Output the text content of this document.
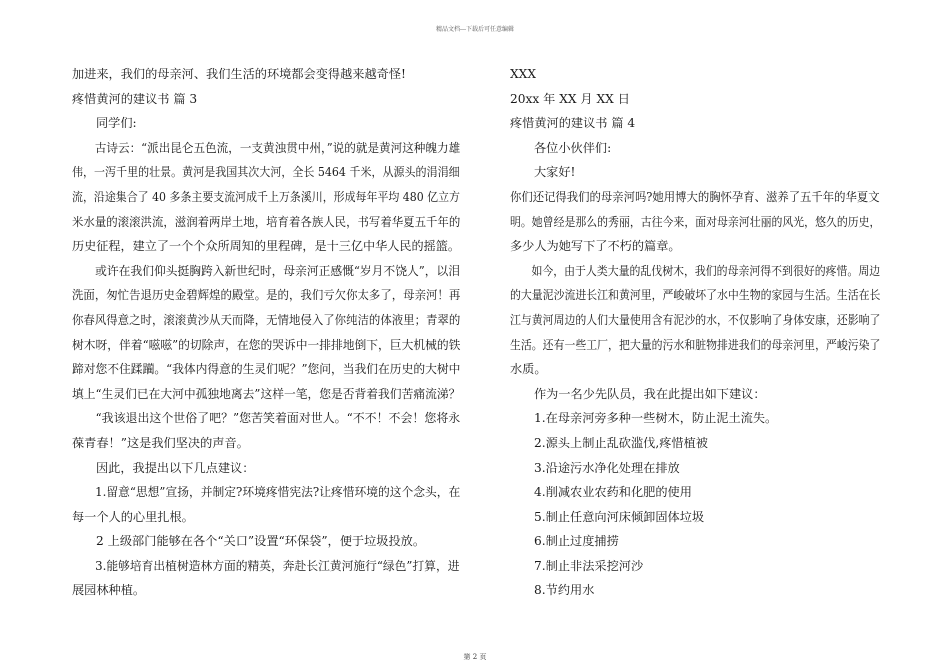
精品文档---下载后可任意编辑

加进来，我们的母亲河、我们生活的环境都会变得越来越奇怪!

疼惜黄河的建议书 篇 3

同学们:

古诗云：“派出昆仑五色流，一支黄浊贯中州，”说的就是黄河这种魄力雄

伟，一泻千里的壮景。黄河是我国其次大河，全长 5464 千米，从源头的涓涓细

流，沿途集合了 40 多条主要支流河成千上万条溪川，形成每年平均 480 亿立方

米水量的滚滚洪流，滋润着两岸土地，培育着各族人民，书写着华夏五千年的

历史征程，建立了一个个众所周知的里程碑，是十三亿中华人民的摇篮。

或许在我们仰头挺胸跨入新世纪时，母亲河正感慨“岁月不饶人”，以泪

洗面，匆忙告退历史金碧辉煌的殿堂。是的，我们亏欠你太多了，母亲河！再

你春风得意之时，滚滚黄沙从天而降，无情地侵入了你纯洁的体液里；青翠的

树木呀，伴着“嗞嗞”的切除声，在您的哭诉中一排排地倒下，巨大机械的铁

蹄对您不住蹂躏。“我体内得意的生灵们呢？”您问，当我们在历史的大树中

填上“生灵们已在大河中孤独地离去”这样一笔，您是否背着我们苦痛流涕？

“我该退出这个世俗了吧？”您苦笑着面对世人。“不不！不会！您将永

葆青春！”这是我们坚决的声音。

因此，我提出以下几点建议：

1.留意“思想”宣扬，并制定?环境疼惜宪法?让疼惜环境的这个念头，在

每一个人的心里扎根。

2 上级部门能够在各个“关口”设置“环保袋”，便于垃圾投放。

3.能够培育出植树造林方面的精英，奔赴长江黄河施行“绿色”打算，进

展园林种植。

XXX

20xx 年 XX 月 XX 日

疼惜黄河的建议书 篇 4

各位小伙伴们:

大家好!

你们还记得我们的母亲河吗?她用博大的胸怀孕育、滋养了五千年的华夏文

明。她曾经是那么的秀丽，古往今来，面对母亲河壮丽的风光，悠久的历史，

多少人为她写下了不朽的篇章。

如今，由于人类大量的乱伐树木，我们的母亲河得不到很好的疼惜。周边

的大量泥沙流进长江和黄河里，严峻破坏了水中生物的家园与生活。生活在长

江与黄河周边的人们大量使用含有泥沙的水，不仅影响了身体安康，还影响了

生活。还有一些工厂，把大量的污水和脏物排进我们的母亲河里，严峻污染了

水质。

作为一名少先队员，我在此提出如下建议：

1.在母亲河旁多种一些树木，防止泥土流失。

2.源头上制止乱砍滥伐,疼惜植被

3.沿途污水净化处理在排放

4.削减农业农药和化肥的使用

5.制止任意向河床倾卸固体垃圾

6.制止过度捕捞

7.制止非法采挖河沙

8.节约用水

第 2 页
